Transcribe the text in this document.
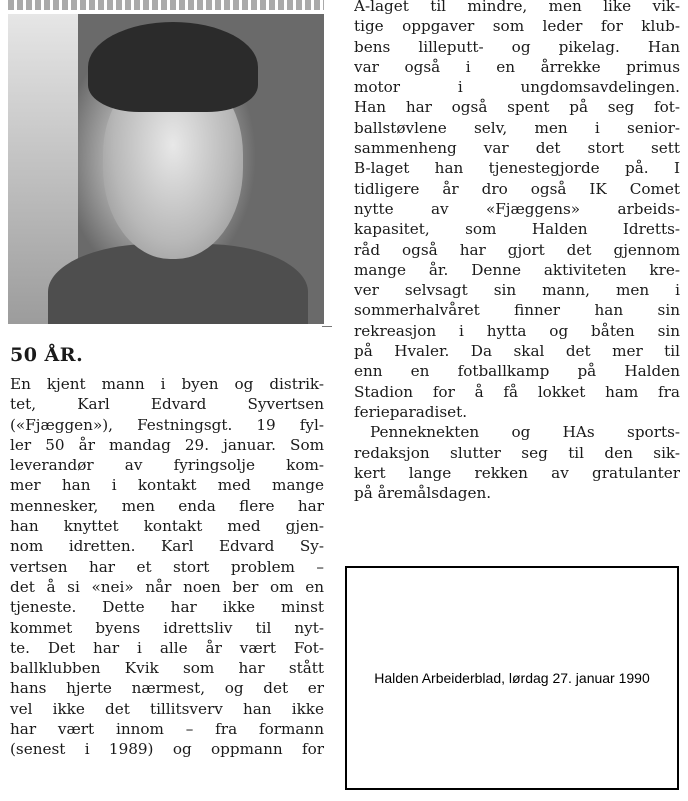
50 ÅR.
En kjent mann i byen og distrik-
tet, Karl Edvard Syvertsen
(«Fjæggen»), Festningsgt. 19 fyl-
ler 50 år mandag 29. januar. Som
leverandør av fyringsolje kom-
mer han i kontakt med mange
mennesker, men enda flere har
han knyttet kontakt med gjen-
nom idretten. Karl Edvard Sy-
vertsen har et stort problem –
det å si «nei» når noen ber om en
tjeneste. Dette har ikke minst
kommet byens idrettsliv til nyt-
te. Det har i alle år vært Fot-
ballklubben Kvik som har stått
hans hjerte nærmest, og det er
vel ikke det tillitsverv han ikke
har vært innom – fra formann
(senest i 1989) og oppmann for
A-laget til mindre, men like vik-
tige oppgaver som leder for klub-
bens lilleputt- og pikelag. Han
var også i en årrekke primus
motor i ungdomsavdelingen.
Han har også spent på seg fot-
ballstøvlene selv, men i senior-
sammenheng var det stort sett
B-laget han tjenestegjorde på. I
tidligere år dro også IK Comet
nytte av «Fjæggens» arbeids-
kapasitet, som Halden Idretts-
råd også har gjort det gjennom
mange år. Denne aktiviteten kre-
ver selvsagt sin mann, men i
sommerhalvåret finner han sin
rekreasjon i hytta og båten sin
på Hvaler. Da skal det mer til
enn en fotballkamp på Halden
Stadion for å få lokket ham fra
ferieparadiset.
Penneknekten og HAs sports-
redaksjon slutter seg til den sik-
kert lange rekken av gratulanter
på åremålsdagen.
Halden Arbeiderblad, lørdag 27. januar 1990
